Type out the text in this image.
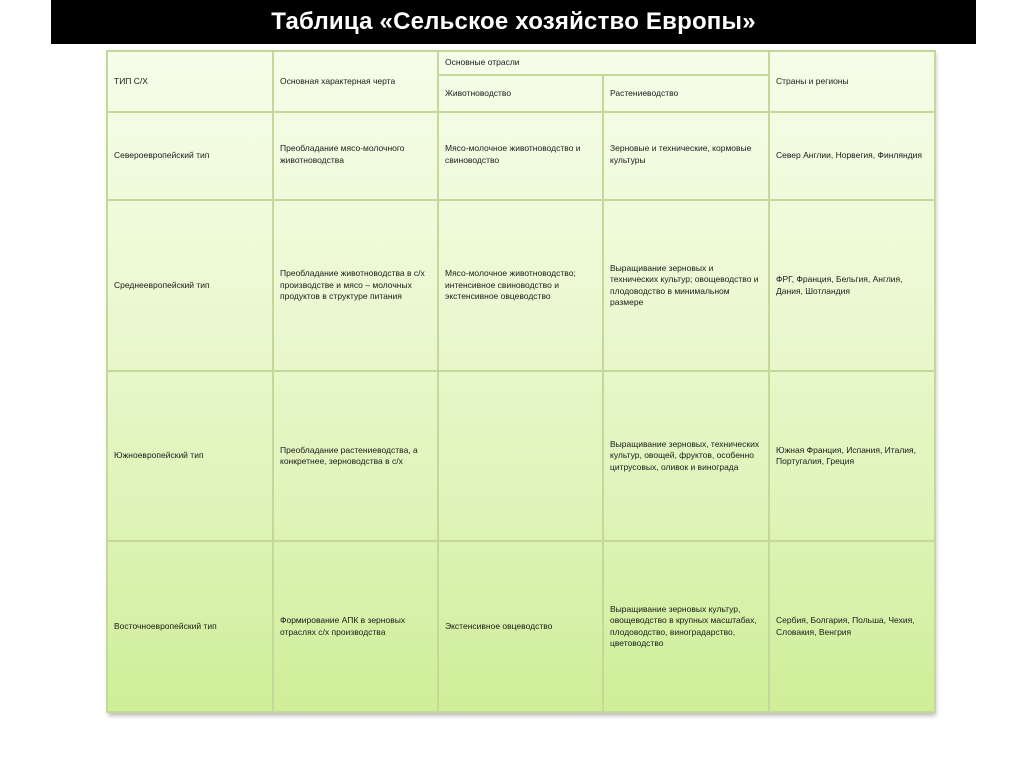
Таблица «Сельское хозяйство Европы»
ТИП С/Х	Основная характерная черта	Основные отрасли		Страны и регионы
		Животноводство	Растениеводство	
Североевропейский тип	Преобладание мясо-молочного животноводства	Мясо-молочное животноводство и свиноводство	Зерновые и технические, кормовые культуры	Север Англии, Норвегия, Финляндия
Среднеевропейский тип	Преобладание животноводства в с/х производстве и мясо – молочных продуктов в структуре питания	Мясо-молочное животноводство; интенсивное свиноводство и экстенсивное овцеводство	Выращивание зерновых и технических культур; овощеводство и плодоводство в минимальном размере	ФРГ, Франция, Бельгия, Англия, Дания, Шотландия
Южноевропейский тип	Преобладание растениеводства, а конкретнее, зерноводства в с/х		Выращивание зерновых, технических культур, овощей, фруктов, особенно цитрусовых, оливок и винограда	Южная Франция, Испания, Италия, Португалия, Греция
Восточноевропейский тип	Формирование АПК в зерновых отраслях с/х производства	Экстенсивное овцеводство	Выращивание зерновых культур, овощеводство в крупных масштабах, плодоводство, виноградарство, цветоводство	Сербия, Болгария, Польша, Чехия, Словакия, Венгрия
